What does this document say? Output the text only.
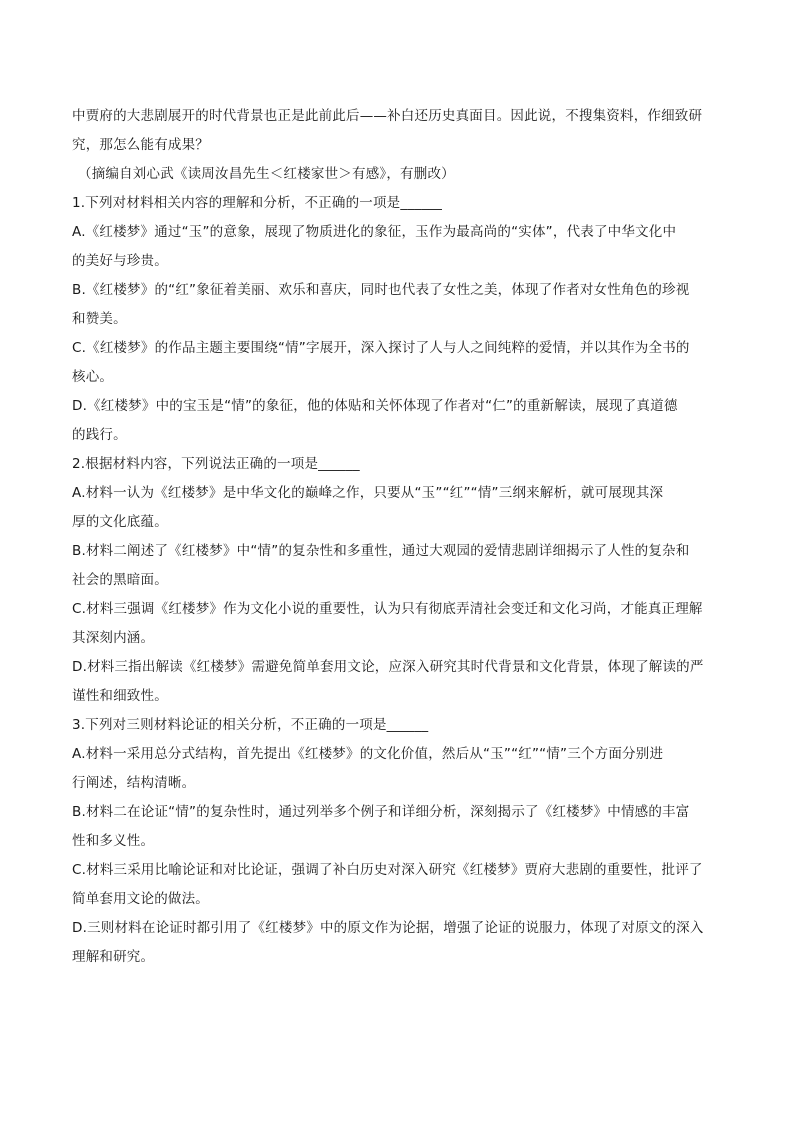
中贾府的大悲剧展开的时代背景也正是此前此后——补白还历史真面目。因此说，不搜集资料，作细致研
究，那怎么能有成果？
（摘编自刘心武《读周汝昌先生＜红楼家世＞有感》，有删改）
1.下列对材料相关内容的理解和分析，不正确的一项是______
A.《红楼梦》通过“玉”的意象，展现了物质进化的象征，玉作为最高尚的“实体”，代表了中华文化中
的美好与珍贵。
B.《红楼梦》的“红”象征着美丽、欢乐和喜庆，同时也代表了女性之美，体现了作者对女性角色的珍视
和赞美。
C.《红楼梦》的作品主题主要围绕“情”字展开，深入探讨了人与人之间纯粹的爱情，并以其作为全书的
核心。
D.《红楼梦》中的宝玉是“情”的象征，他的体贴和关怀体现了作者对“仁”的重新解读，展现了真道德
的践行。
2.根据材料内容，下列说法正确的一项是______
A.材料一认为《红楼梦》是中华文化的巅峰之作，只要从“玉”“红”“情”三纲来解析，就可展现其深
厚的文化底蕴。
B.材料二阐述了《红楼梦》中“情”的复杂性和多重性，通过大观园的爱情悲剧详细揭示了人性的复杂和
社会的黑暗面。
C.材料三强调《红楼梦》作为文化小说的重要性，认为只有彻底弄清社会变迁和文化习尚，才能真正理解
其深刻内涵。
D.材料三指出解读《红楼梦》需避免简单套用文论，应深入研究其时代背景和文化背景，体现了解读的严
谨性和细致性。
3.下列对三则材料论证的相关分析，不正确的一项是______
A.材料一采用总分式结构，首先提出《红楼梦》的文化价值，然后从“玉”“红”“情”三个方面分别进
行阐述，结构清晰。
B.材料二在论证“情”的复杂性时，通过列举多个例子和详细分析，深刻揭示了《红楼梦》中情感的丰富
性和多义性。
C.材料三采用比喻论证和对比论证，强调了补白历史对深入研究《红楼梦》贾府大悲剧的重要性，批评了
简单套用文论的做法。
D.三则材料在论证时都引用了《红楼梦》中的原文作为论据，增强了论证的说服力，体现了对原文的深入
理解和研究。
